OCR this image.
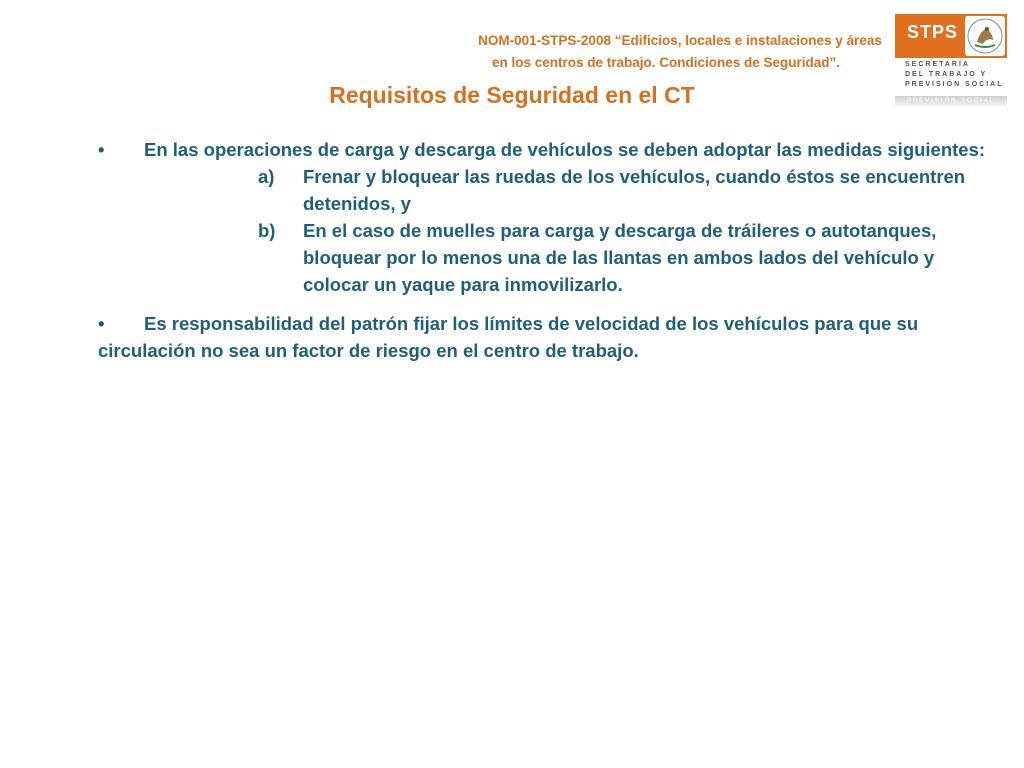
NOM-001-STPS-2008 “Edificios, locales e instalaciones y áreas
en los centros de trabajo. Condiciones de Seguridad”.
STPS
SECRETARÍA
DEL TRABAJO Y
PREVISIÓN SOCIAL
PREVISIÓN SOCIAL
Requisitos de Seguridad en el CT
• En las operaciones de carga y descarga de vehículos se deben adoptar las medidas siguientes:
a) Frenar y bloquear las ruedas de los vehículos, cuando éstos se encuentren detenidos, y
b) En el caso de muelles para carga y descarga de tráileres o autotanques, bloquear por lo menos una de las llantas en ambos lados del vehículo y colocar un yaque para inmovilizarlo.
• Es responsabilidad del patrón fijar los límites de velocidad de los vehículos para que su circulación no sea un factor de riesgo en el centro de trabajo.
